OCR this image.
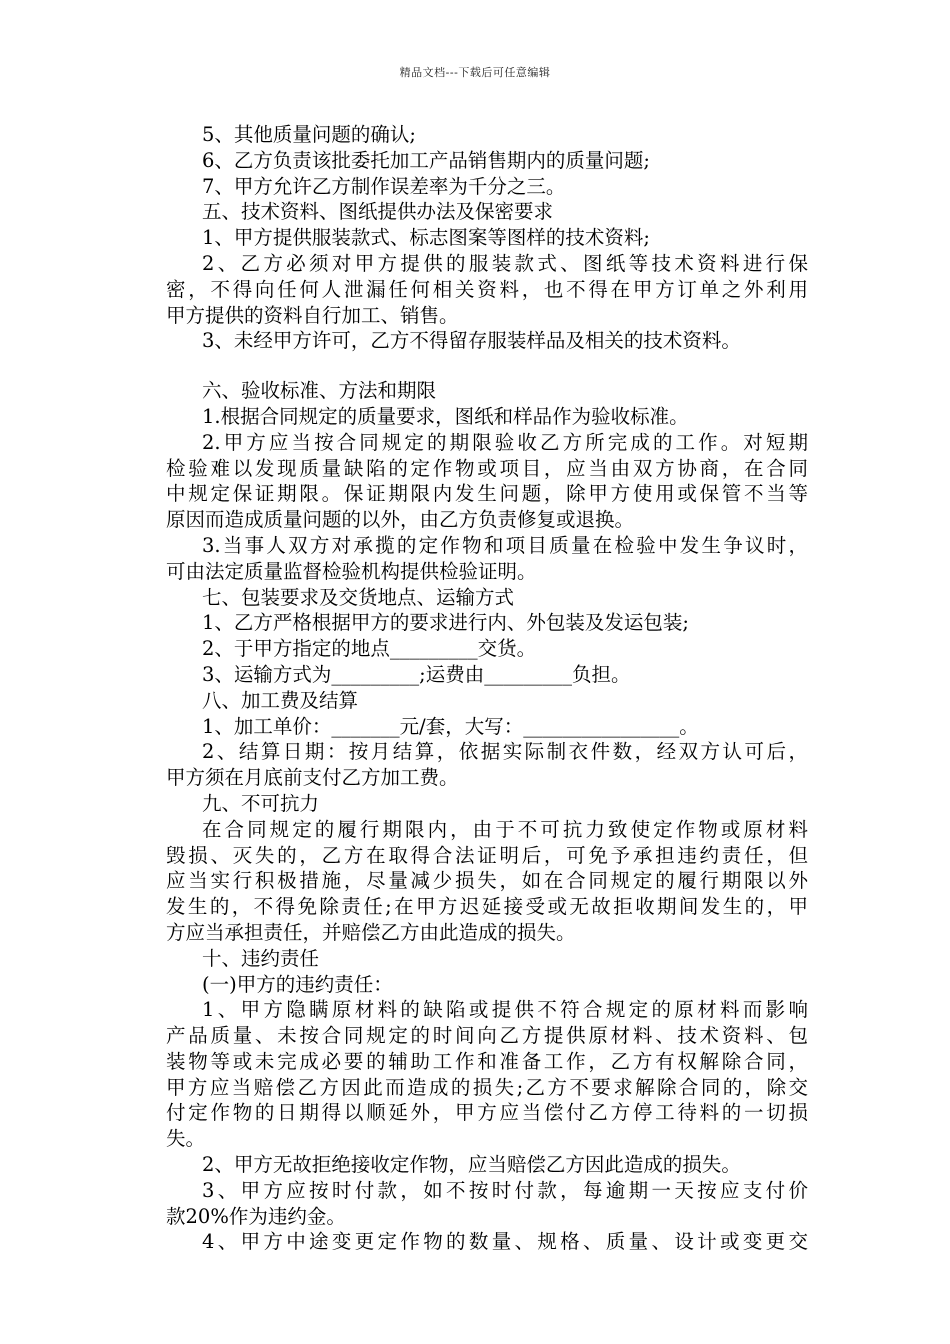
精品文档---下载后可任意编辑
5、其他质量问题的确认;
6、乙方负责该批委托加工产品销售期内的质量问题;
7、甲方允许乙方制作误差率为千分之三。
五、技术资料、图纸提供办法及保密要求
1、甲方提供服装款式、标志图案等图样的技术资料;
2、乙方必须对甲方提供的服装款式、图纸等技术资料进行保
密，不得向任何人泄漏任何相关资料，也不得在甲方订单之外利用
甲方提供的资料自行加工、销售。
3、未经甲方许可，乙方不得留存服装样品及相关的技术资料。
六、验收标准、方法和期限
1.根据合同规定的质量要求，图纸和样品作为验收标准。
2.甲方应当按合同规定的期限验收乙方所完成的工作。对短期
检验难以发现质量缺陷的定作物或项目，应当由双方协商，在合同
中规定保证期限。保证期限内发生问题，除甲方使用或保管不当等
原因而造成质量问题的以外，由乙方负责修复或退换。
3.当事人双方对承揽的定作物和项目质量在检验中发生争议时，
可由法定质量监督检验机构提供检验证明。
七、包装要求及交货地点、运输方式
1、乙方严格根据甲方的要求进行内、外包装及发运包装;
2、于甲方指定的地点_________交货。
3、运输方式为_________;运费由_________负担。
八、加工费及结算
1、加工单价：_______元/套，大写：________________。
2、结算日期：按月结算，依据实际制衣件数，经双方认可后，
甲方须在月底前支付乙方加工费。
九、不可抗力
在合同规定的履行期限内，由于不可抗力致使定作物或原材料
毁损、灭失的，乙方在取得合法证明后，可免予承担违约责任，但
应当实行积极措施，尽量减少损失，如在合同规定的履行期限以外
发生的，不得免除责任;在甲方迟延接受或无故拒收期间发生的，甲
方应当承担责任，并赔偿乙方由此造成的损失。
十、违约责任
(一)甲方的违约责任：
1、甲方隐瞒原材料的缺陷或提供不符合规定的原材料而影响
产品质量、未按合同规定的时间向乙方提供原材料、技术资料、包
装物等或未完成必要的辅助工作和准备工作，乙方有权解除合同，
甲方应当赔偿乙方因此而造成的损失;乙方不要求解除合同的，除交
付定作物的日期得以顺延外，甲方应当偿付乙方停工待料的一切损
失。
2、甲方无故拒绝接收定作物，应当赔偿乙方因此造成的损失。
3、甲方应按时付款，如不按时付款，每逾期一天按应支付价
款20%作为违约金。
4、甲方中途变更定作物的数量、规格、质量、设计或变更交
